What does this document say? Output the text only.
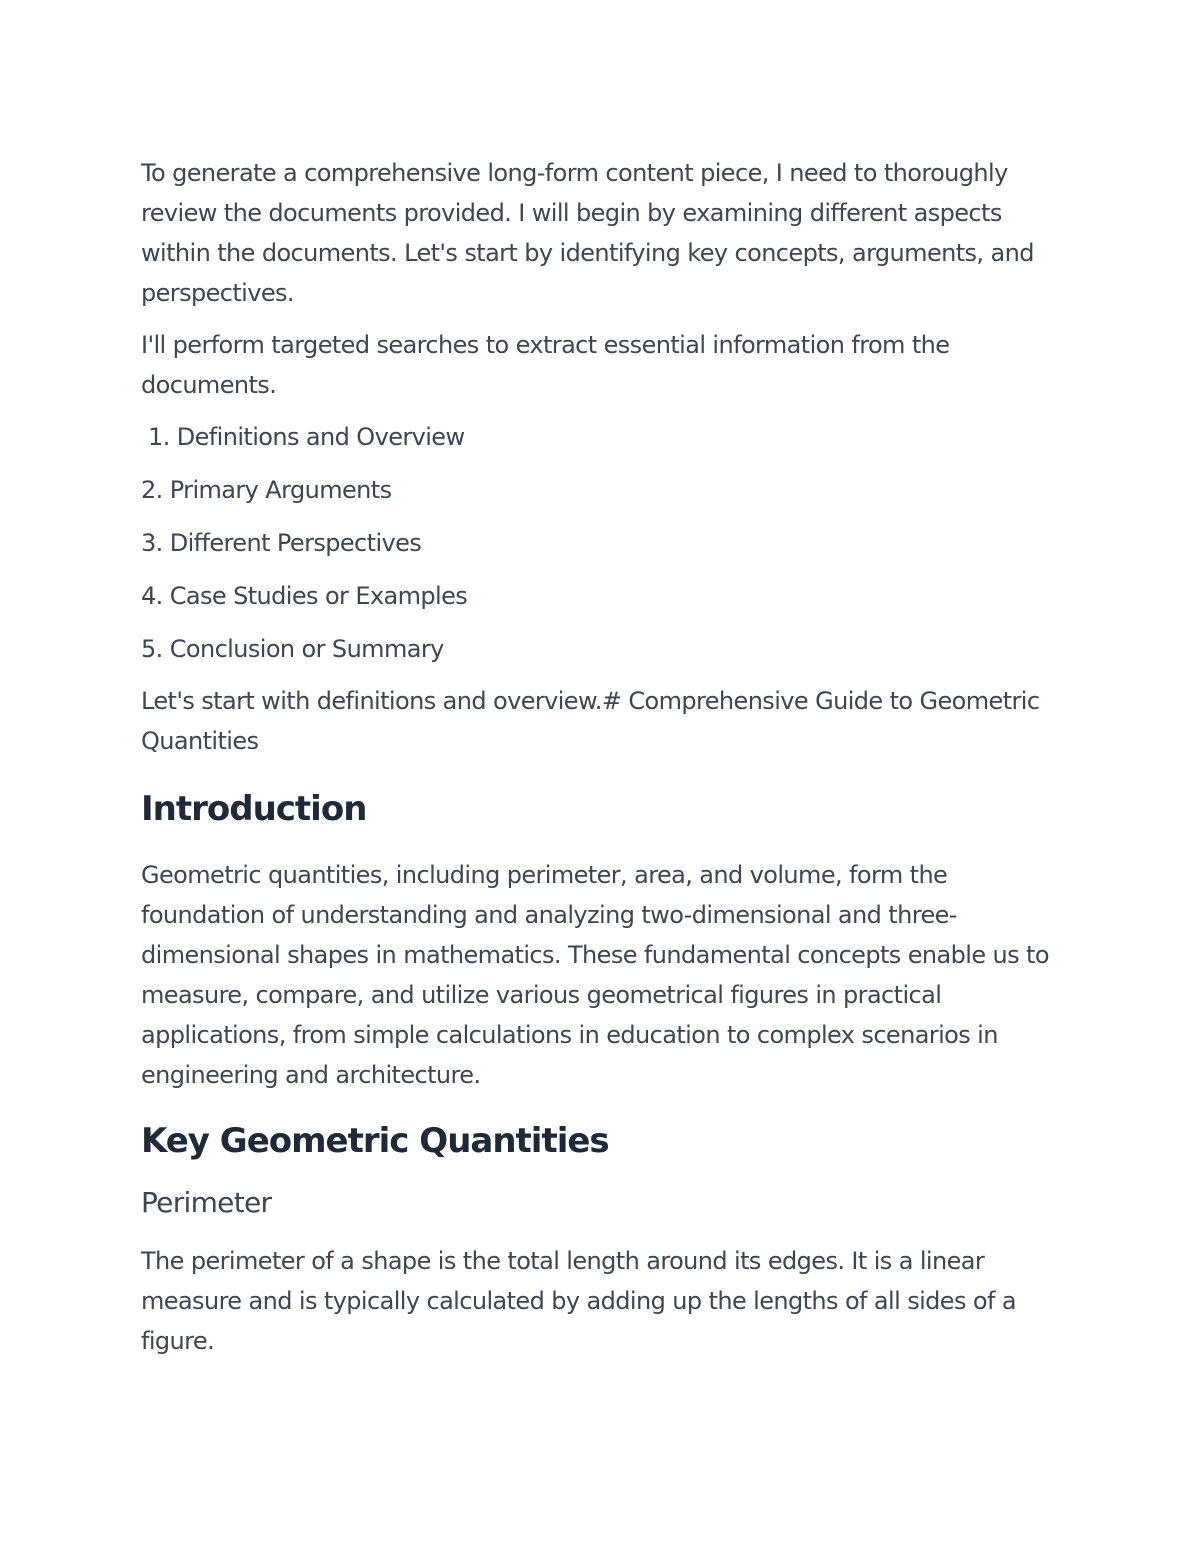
To generate a comprehensive long-form content piece, I need to thoroughly review the documents provided. I will begin by examining different aspects within the documents. Let's start by identifying key concepts, arguments, and perspectives.

I'll perform targeted searches to extract essential information from the documents.

1. Definitions and Overview
2. Primary Arguments
3. Different Perspectives
4. Case Studies or Examples
5. Conclusion or Summary

Let's start with definitions and overview.# Comprehensive Guide to Geometric Quantities

Introduction

Geometric quantities, including perimeter, area, and volume, form the foundation of understanding and analyzing two-dimensional and three-dimensional shapes in mathematics. These fundamental concepts enable us to measure, compare, and utilize various geometrical figures in practical applications, from simple calculations in education to complex scenarios in engineering and architecture.

Key Geometric Quantities
Perimeter

The perimeter of a shape is the total length around its edges. It is a linear measure and is typically calculated by adding up the lengths of all sides of a figure.
